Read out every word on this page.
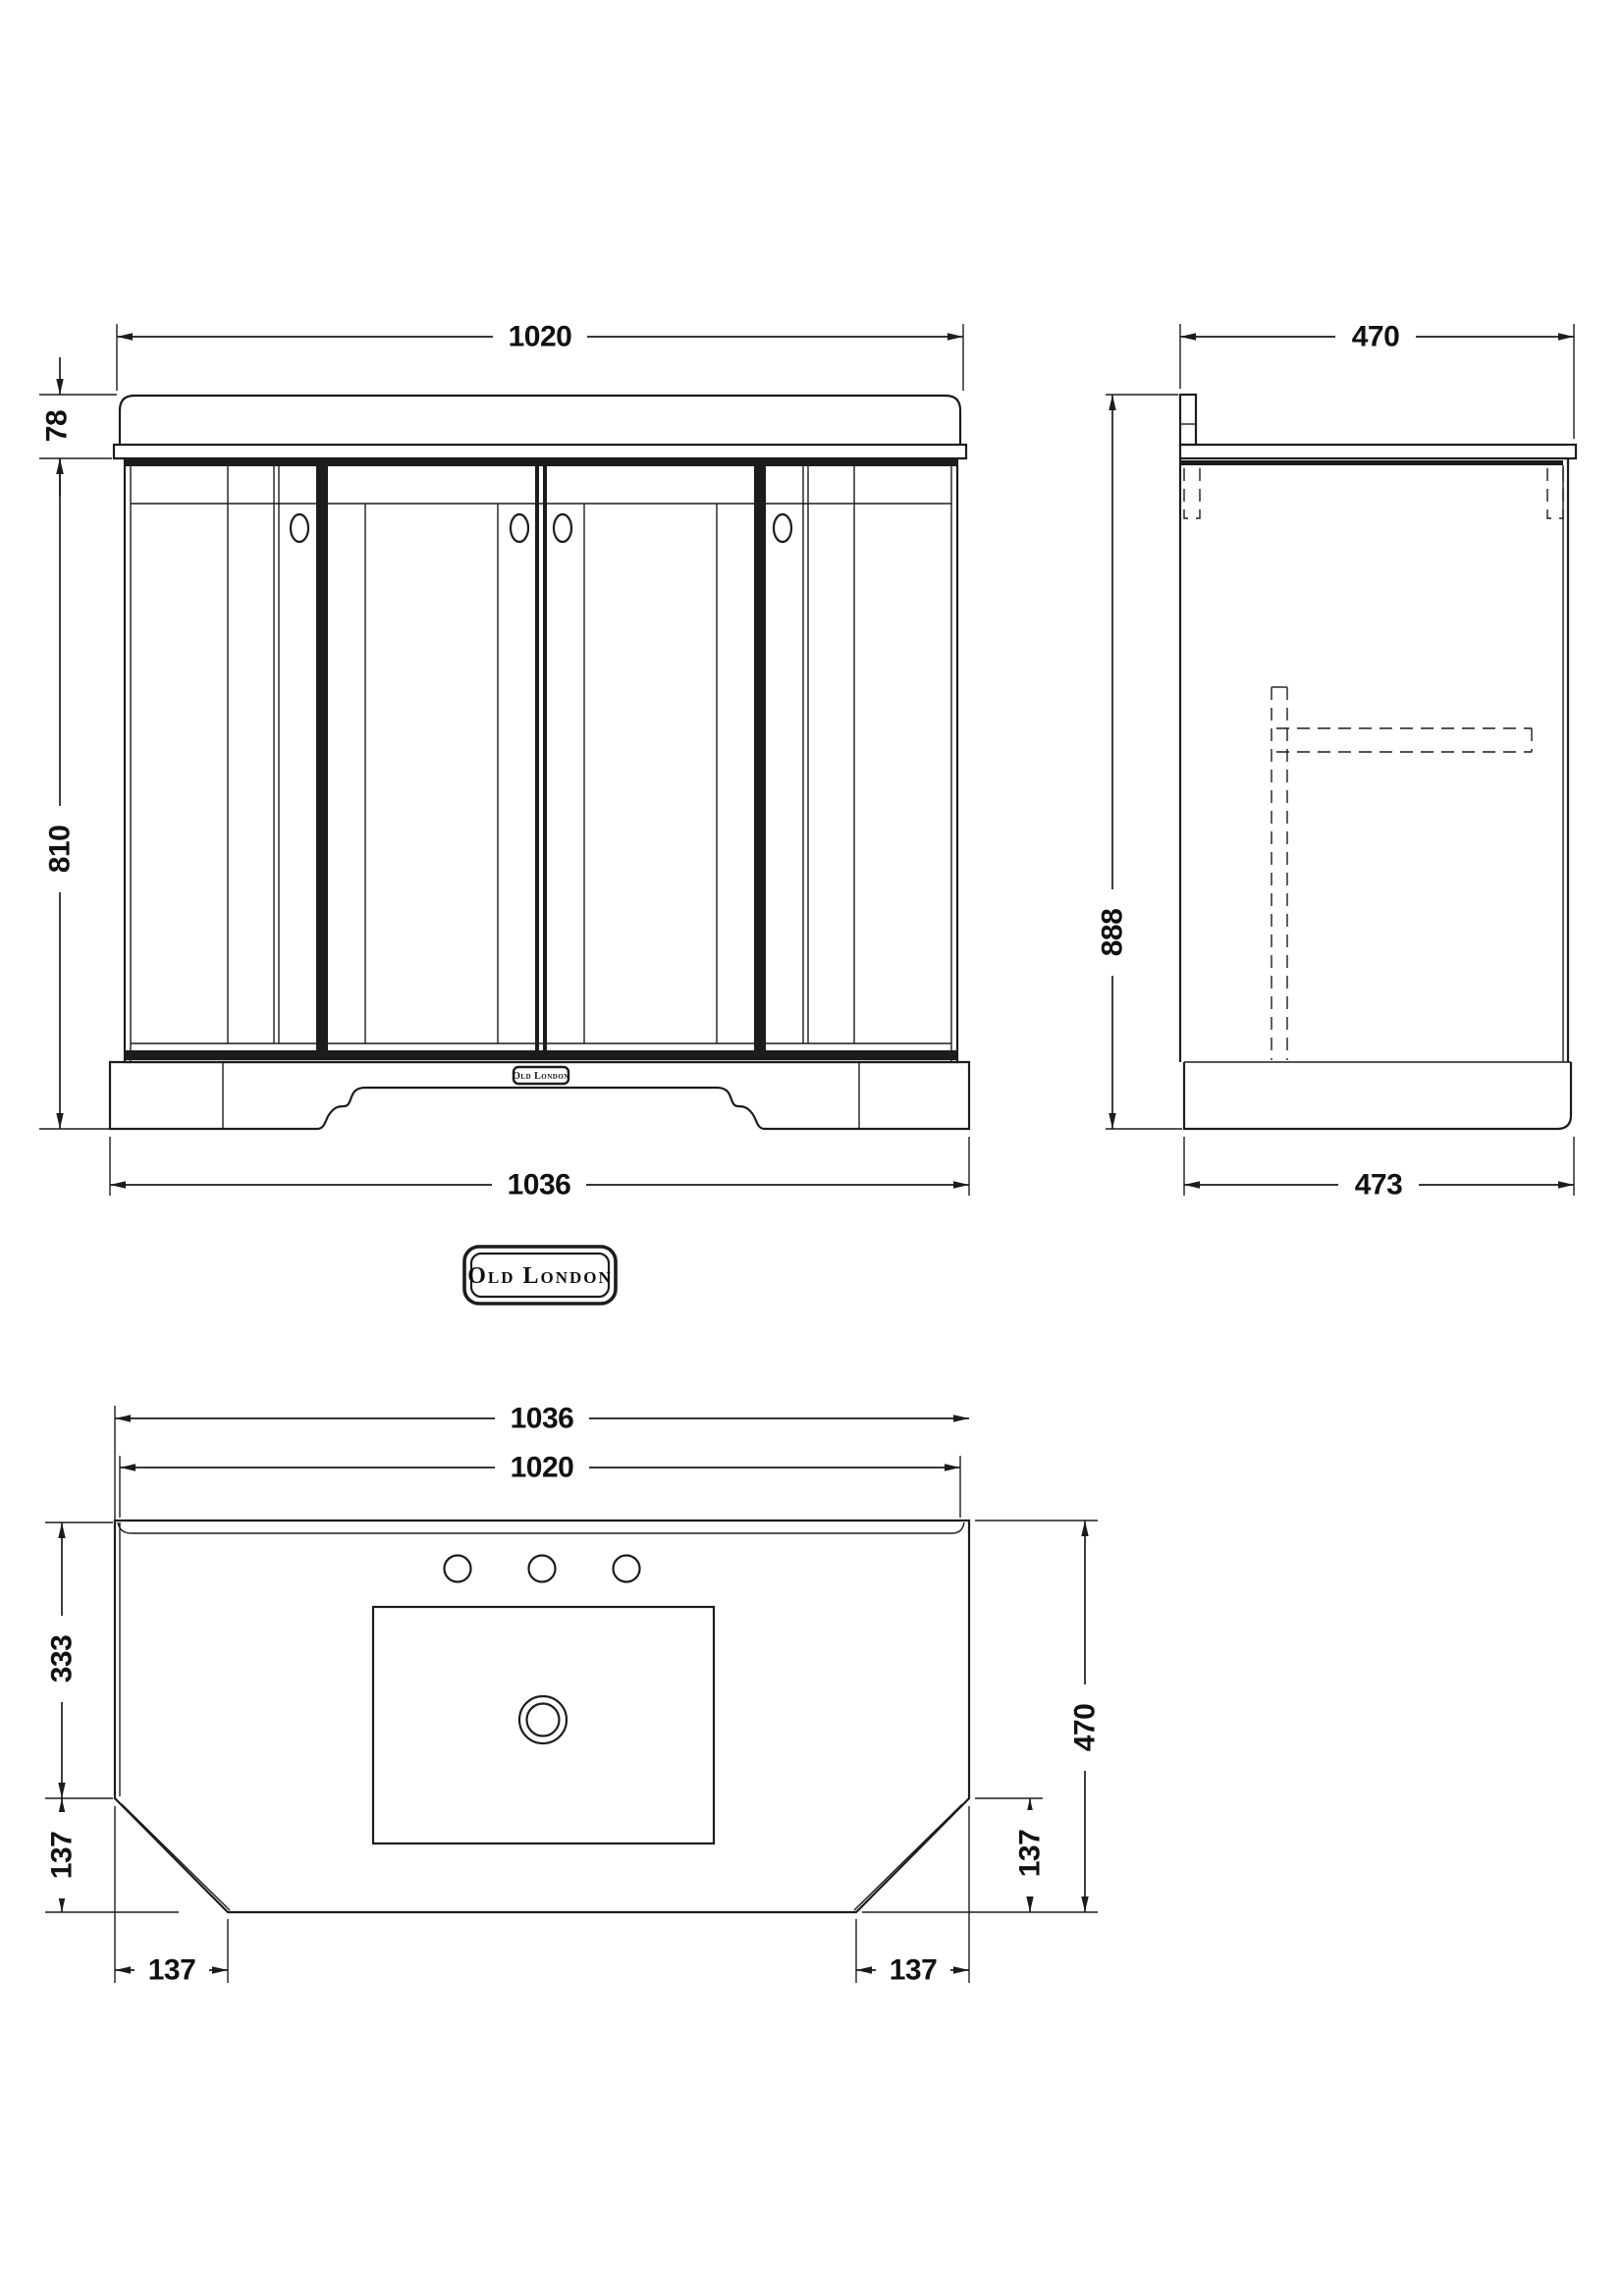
Old London
1020
78
810
1036
470
888
473
Old London
1036
1020
333
137
137
470
137
137
